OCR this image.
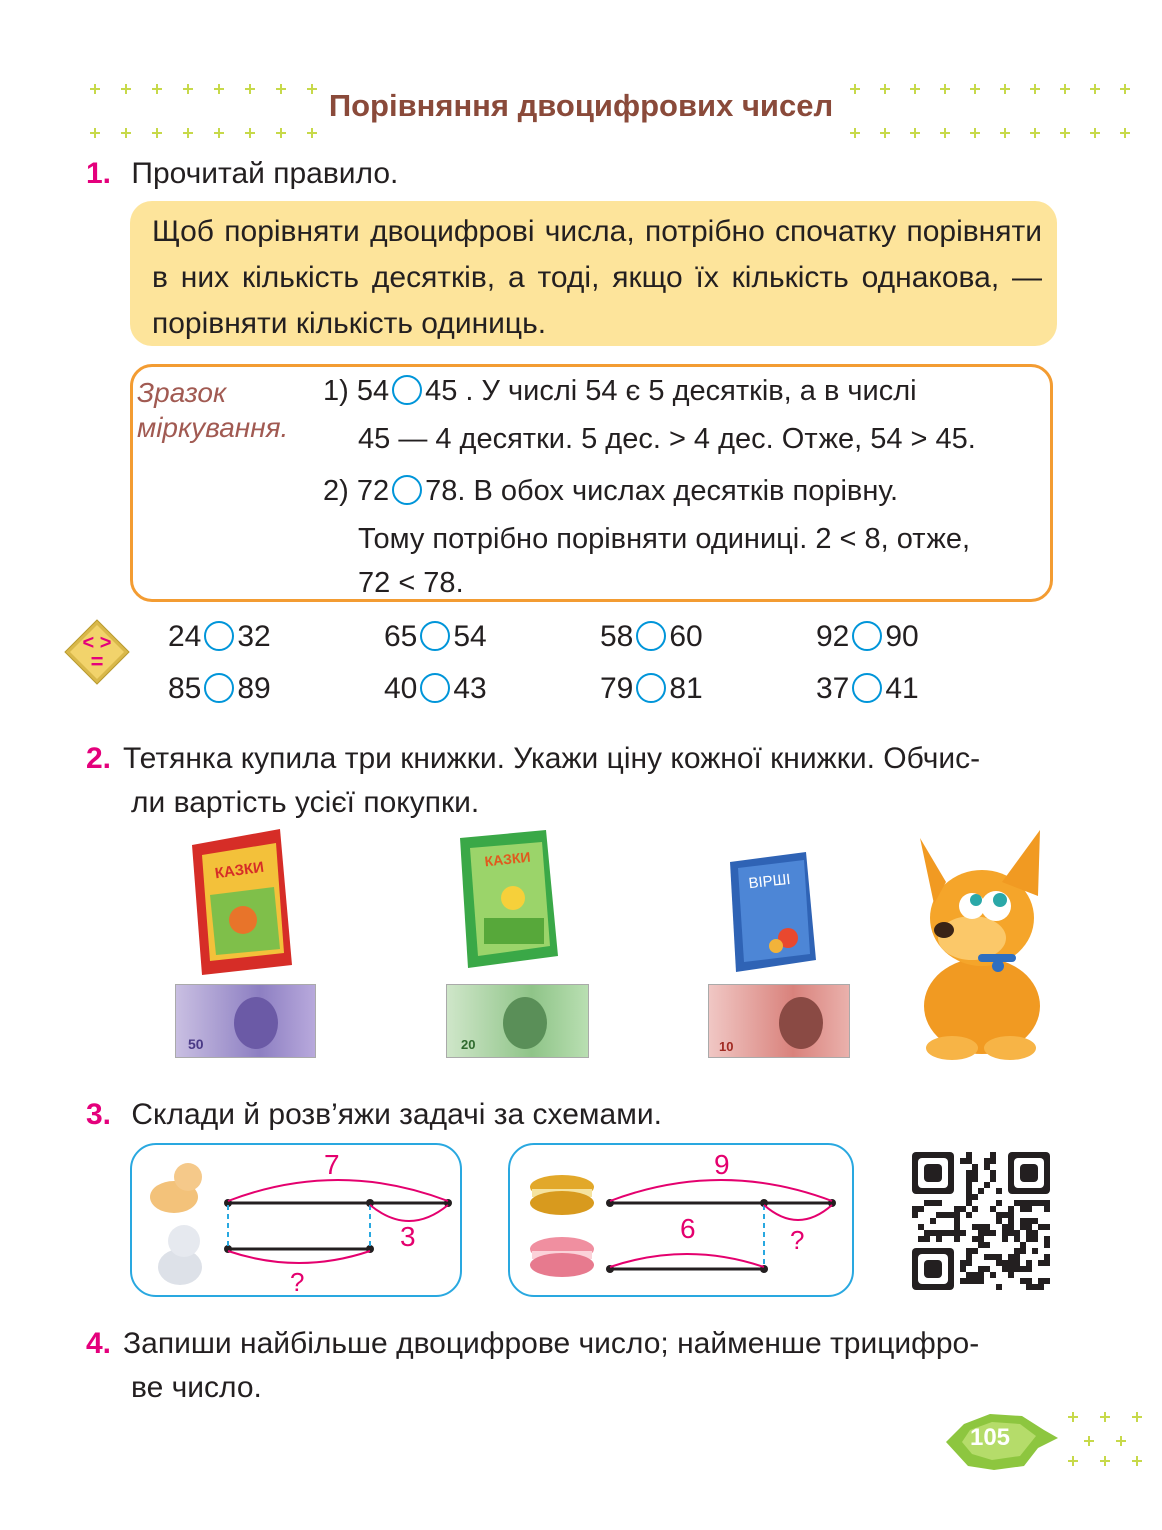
Порівняння двоцифрових чисел
1. Прочитай правило.
Щоб порівняти двоцифрові числа, потрібно спочатку порівняти в них кількість десятків, а тоді, якщо їх кількість однакова, — порівняти кількість одиниць.
Зразок
міркування.
1) 54 45 . У числі 54 є 5 десятків, а в числі
45 — 4 десятки. 5 дес. > 4 дес. Отже, 54 > 45.
2) 72 78. В обох числах десятків порівну.
Тому потрібно порівняти одиниці. 2 < 8, отже,
72 < 78.
< >
=
24 32	65 54	58 60	92 90
85 89	40 43	79 81	37 41
2. Тетянка купила три книжки. Укажи ціну кожної книжки. Обчис-
ли вартість усієї покупки.
КАЗКИ	КАЗКИ
ВІРШІ
50	20	10
3. Склади й розв’яжи задачі за схемами.
7
3
?
9
6	?
4. Запиши найбільше двоцифрове число; найменше трицифро-
ве число.
105
